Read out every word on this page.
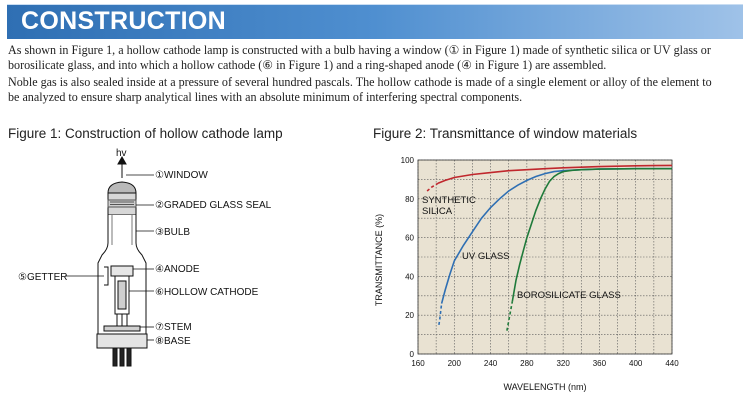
CONSTRUCTION

As shown in Figure 1, a hollow cathode lamp is constructed with a bulb having a window (① in Figure 1) made of synthetic silica or UV glass or

borosilicate glass, and into which a hollow cathode (⑥ in Figure 1) and a ring-shaped anode (④ in Figure 1) are assembled.

Noble gas is also sealed inside at a pressure of several hundred pascals. The hollow cathode is made of a single element or alloy of the element to

be analyzed to ensure sharp analytical lines with an absolute minimum of interfering spectral components.

Figure 1: Construction of hollow cathode lamp	Figure 2: Transmittance of window materials
hv
①WINDOW
②GRADED GLASS SEAL
③BULB
④ANODE
⑤GETTER
⑥HOLLOW CATHODE
⑦STEM
⑧BASE
160	200	240	280	320	360	400	440
0
20
40
60
80
100
TRANSMITTANCE (%)
WAVELENGTH (nm)
SYNTHETIC
SILICA
UV GLASS
BOROSILICATE GLASS
